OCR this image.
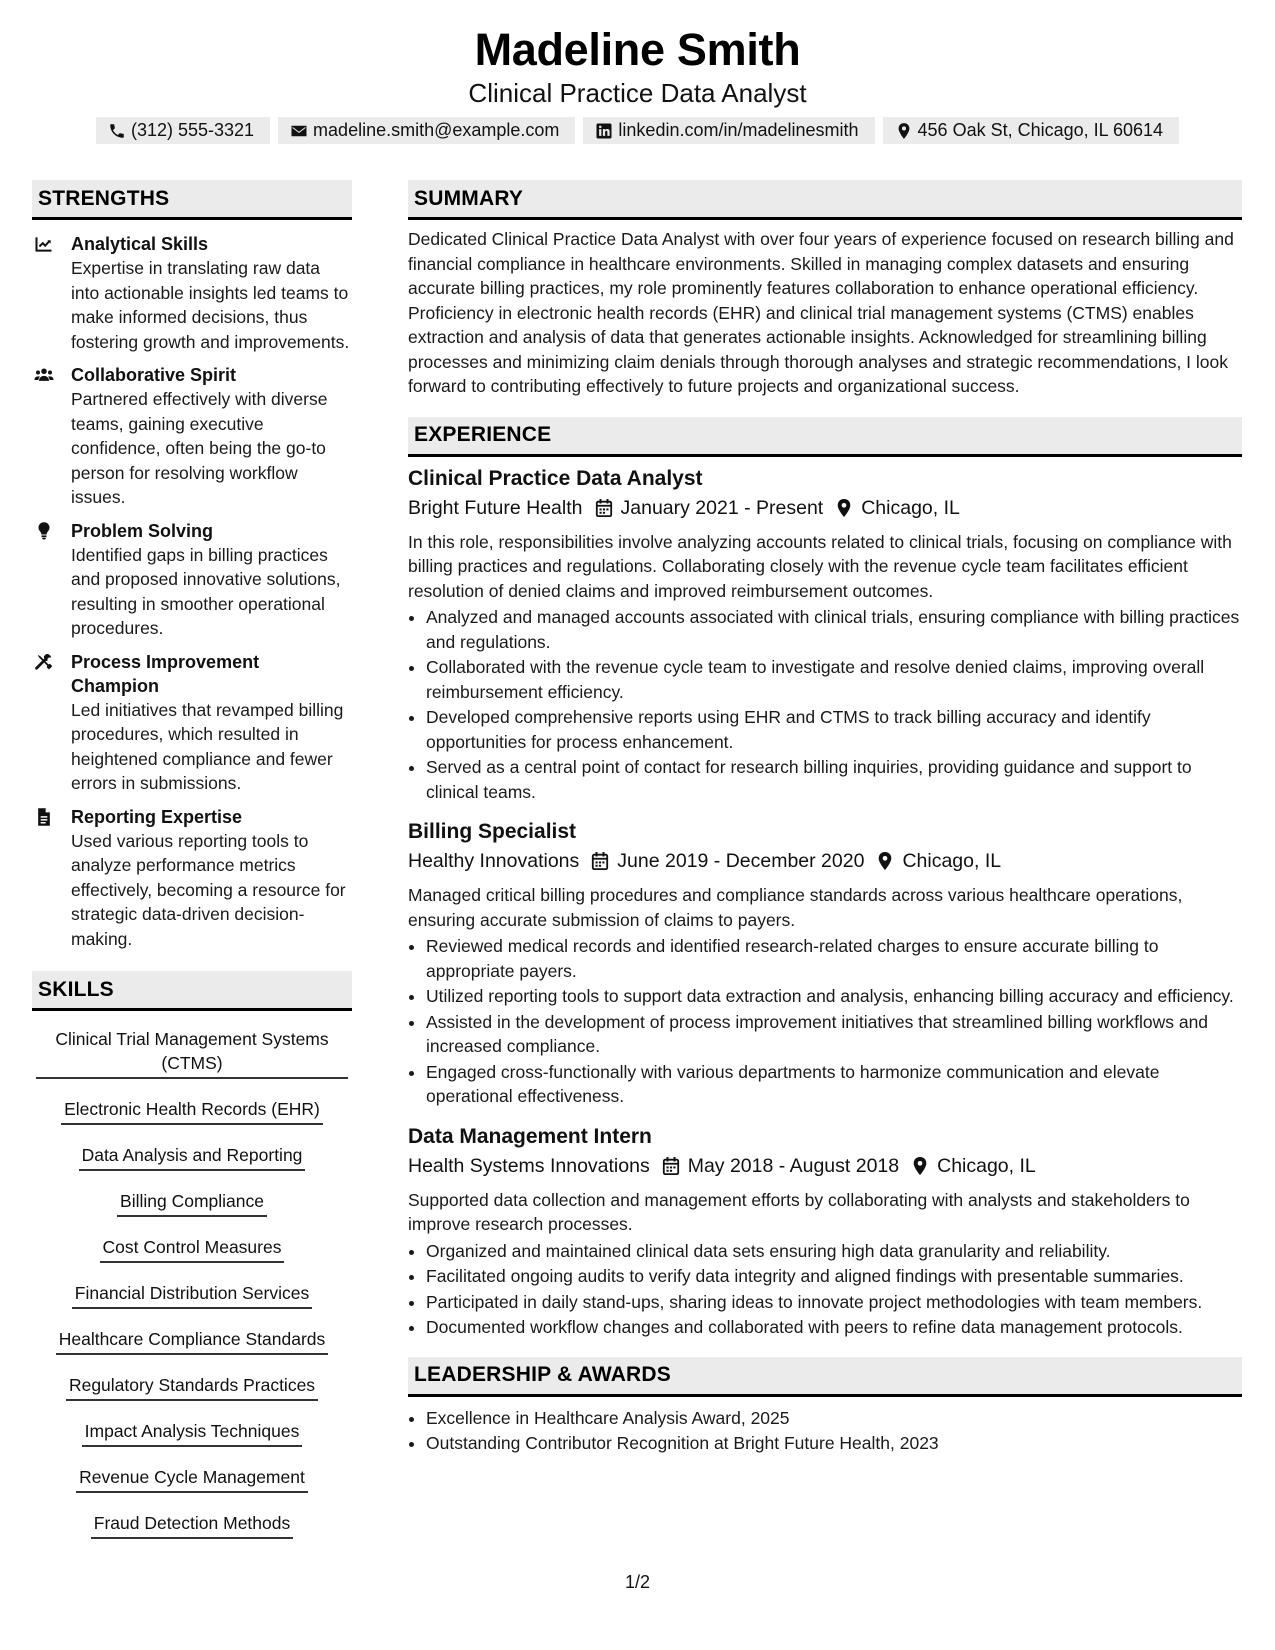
Madeline Smith
Clinical Practice Data Analyst
(312) 555-3321	madeline.smith@example.com	linkedin.com/in/madelinesmith	456 Oak St, Chicago, IL 60614
STRENGTHS
Analytical Skills
Expertise in translating raw data into actionable insights led teams to make informed decisions, thus fostering growth and improvements.
Collaborative Spirit
Partnered effectively with diverse teams, gaining executive confidence, often being the go-to person for resolving workflow issues.
Problem Solving
Identified gaps in billing practices and proposed innovative solutions, resulting in smoother operational procedures.
Process Improvement Champion
Led initiatives that revamped billing procedures, which resulted in heightened compliance and fewer errors in submissions.
Reporting Expertise
Used various reporting tools to analyze performance metrics effectively, becoming a resource for strategic data-driven decision-making.
SKILLS
Clinical Trial Management Systems (CTMS)
Electronic Health Records (EHR)
Data Analysis and Reporting
Billing Compliance
Cost Control Measures
Financial Distribution Services
Healthcare Compliance Standards
Regulatory Standards Practices
Impact Analysis Techniques
Revenue Cycle Management
Fraud Detection Methods
SUMMARY
Dedicated Clinical Practice Data Analyst with over four years of experience focused on research billing and financial compliance in healthcare environments. Skilled in managing complex datasets and ensuring accurate billing practices, my role prominently features collaboration to enhance operational efficiency. Proficiency in electronic health records (EHR) and clinical trial management systems (CTMS) enables extraction and analysis of data that generates actionable insights. Acknowledged for streamlining billing processes and minimizing claim denials through thorough analyses and strategic recommendations, I look forward to contributing effectively to future projects and organizational success.
EXPERIENCE
Clinical Practice Data Analyst
Bright Future Health January 2021 - Present Chicago, IL
In this role, responsibilities involve analyzing accounts related to clinical trials, focusing on compliance with billing practices and regulations. Collaborating closely with the revenue cycle team facilitates efficient resolution of denied claims and improved reimbursement outcomes.
• Analyzed and managed accounts associated with clinical trials, ensuring compliance with billing practices and regulations.
• Collaborated with the revenue cycle team to investigate and resolve denied claims, improving overall reimbursement efficiency.
• Developed comprehensive reports using EHR and CTMS to track billing accuracy and identify opportunities for process enhancement.
• Served as a central point of contact for research billing inquiries, providing guidance and support to clinical teams.
Billing Specialist
Healthy Innovations June 2019 - December 2020 Chicago, IL
Managed critical billing procedures and compliance standards across various healthcare operations, ensuring accurate submission of claims to payers.
• Reviewed medical records and identified research-related charges to ensure accurate billing to appropriate payers.
• Utilized reporting tools to support data extraction and analysis, enhancing billing accuracy and efficiency.
• Assisted in the development of process improvement initiatives that streamlined billing workflows and increased compliance.
• Engaged cross-functionally with various departments to harmonize communication and elevate operational effectiveness.
Data Management Intern
Health Systems Innovations May 2018 - August 2018 Chicago, IL
Supported data collection and management efforts by collaborating with analysts and stakeholders to improve research processes.
• Organized and maintained clinical data sets ensuring high data granularity and reliability.
• Facilitated ongoing audits to verify data integrity and aligned findings with presentable summaries.
• Participated in daily stand-ups, sharing ideas to innovate project methodologies with team members.
• Documented workflow changes and collaborated with peers to refine data management protocols.
LEADERSHIP & AWARDS
• Excellence in Healthcare Analysis Award, 2025
• Outstanding Contributor Recognition at Bright Future Health, 2023
1/2
